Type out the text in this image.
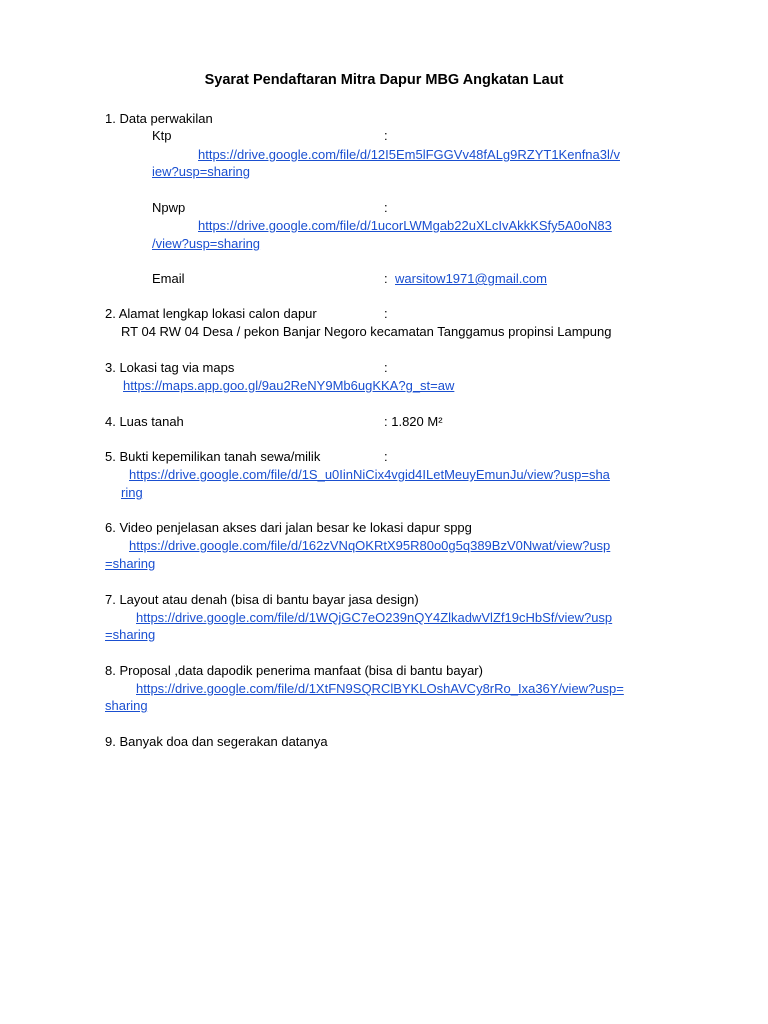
Syarat Pendaftaran Mitra Dapur MBG Angkatan Laut
1. Data perwakilan
Ktp	:
https://drive.google.com/file/d/12I5Em5lFGGVv48fALg9RZYT1Kenfna3l/v
iew?usp=sharing
Npwp	:
https://drive.google.com/file/d/1ucorLWMgab22uXLcIvAkkKSfy5A0oN83
/view?usp=sharing
Email	: warsitow1971@gmail.com
2. Alamat lengkap lokasi calon dapur	:
RT 04 RW 04 Desa / pekon Banjar Negoro kecamatan Tanggamus propinsi Lampung
3. Lokasi tag via maps	:
https://maps.app.goo.gl/9au2ReNY9Mb6ugKKA?g_st=aw
4. Luas tanah	: 1.820 M²
5. Bukti kepemilikan tanah sewa/milik	:
https://drive.google.com/file/d/1S_u0IinNiCix4vgid4ILetMeuyEmunJu/view?usp=sha
ring
6. Video penjelasan akses dari jalan besar ke lokasi dapur sppg
https://drive.google.com/file/d/162zVNqOKRtX95R80o0g5q389BzV0Nwat/view?usp
=sharing
7. Layout atau denah (bisa di bantu bayar jasa design)
https://drive.google.com/file/d/1WQjGC7eO239nQY4ZlkadwVlZf19cHbSf/view?usp
=sharing
8. Proposal ,data dapodik penerima manfaat (bisa di bantu bayar)
https://drive.google.com/file/d/1XtFN9SQRClBYKLOshAVCy8rRo_Ixa36Y/view?usp=
sharing
9. Banyak doa dan segerakan datanya
